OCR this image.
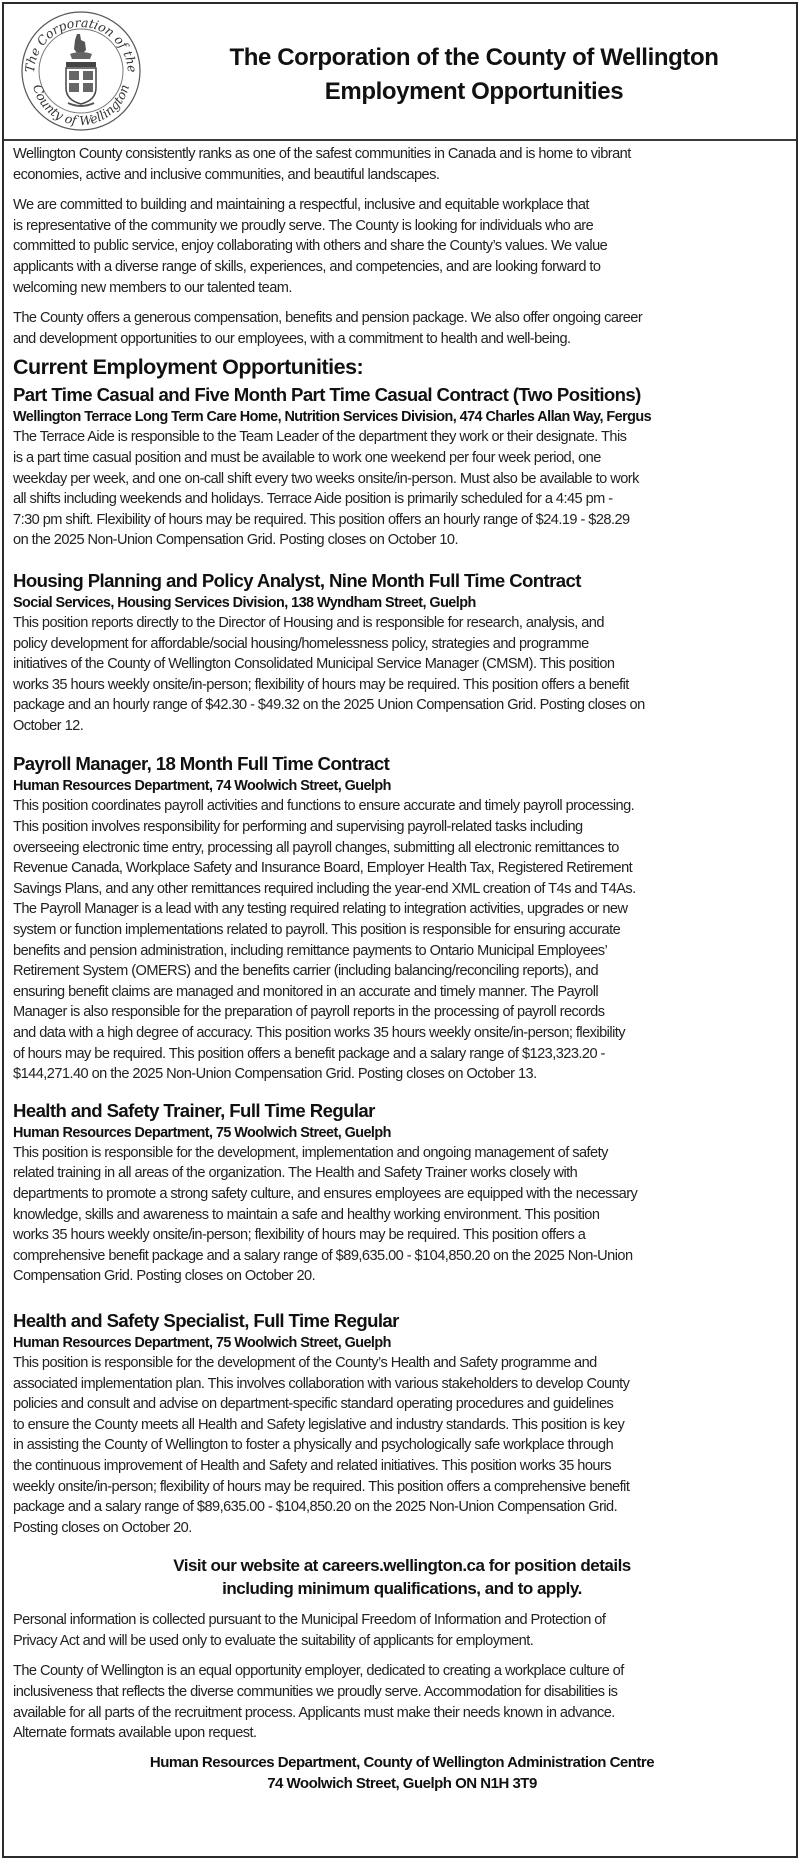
The Corporation of the
County of Wellington
The Corporation of the County of Wellington
Employment Opportunities
Wellington County consistently ranks as one of the safest communities in Canada and is home to vibrant
economies, active and inclusive communities, and beautiful landscapes.
We are committed to building and maintaining a respectful, inclusive and equitable workplace that
is representative of the community we proudly serve. The County is looking for individuals who are
committed to public service, enjoy collaborating with others and share the County’s values. We value
applicants with a diverse range of skills, experiences, and competencies, and are looking forward to
welcoming new members to our talented team.
The County offers a generous compensation, benefits and pension package. We also offer ongoing career
and development opportunities to our employees, with a commitment to health and well-being.
Current Employment Opportunities:
Part Time Casual and Five Month Part Time Casual Contract (Two Positions)
Wellington Terrace Long Term Care Home, Nutrition Services Division, 474 Charles Allan Way, Fergus
The Terrace Aide is responsible to the Team Leader of the department they work or their designate. This
is a part time casual position and must be available to work one weekend per four week period, one
weekday per week, and one on-call shift every two weeks onsite/in-person. Must also be available to work
all shifts including weekends and holidays. Terrace Aide position is primarily scheduled for a 4:45 pm -
7:30 pm shift. Flexibility of hours may be required. This position offers an hourly range of $24.19 - $28.29
on the 2025 Non-Union Compensation Grid. Posting closes on October 10.
Housing Planning and Policy Analyst, Nine Month Full Time Contract
Social Services, Housing Services Division, 138 Wyndham Street, Guelph
This position reports directly to the Director of Housing and is responsible for research, analysis, and
policy development for affordable/social housing/homelessness policy, strategies and programme
initiatives of the County of Wellington Consolidated Municipal Service Manager (CMSM). This position
works 35 hours weekly onsite/in-person; flexibility of hours may be required. This position offers a benefit
package and an hourly range of $42.30 - $49.32 on the 2025 Union Compensation Grid. Posting closes on
October 12.
Payroll Manager, 18 Month Full Time Contract
Human Resources Department, 74 Woolwich Street, Guelph
This position coordinates payroll activities and functions to ensure accurate and timely payroll processing.
This position involves responsibility for performing and supervising payroll-related tasks including
overseeing electronic time entry, processing all payroll changes, submitting all electronic remittances to
Revenue Canada, Workplace Safety and Insurance Board, Employer Health Tax, Registered Retirement
Savings Plans, and any other remittances required including the year-end XML creation of T4s and T4As.
The Payroll Manager is a lead with any testing required relating to integration activities, upgrades or new
system or function implementations related to payroll. This position is responsible for ensuring accurate
benefits and pension administration, including remittance payments to Ontario Municipal Employees’
Retirement System (OMERS) and the benefits carrier (including balancing/reconciling reports), and
ensuring benefit claims are managed and monitored in an accurate and timely manner. The Payroll
Manager is also responsible for the preparation of payroll reports in the processing of payroll records
and data with a high degree of accuracy. This position works 35 hours weekly onsite/in-person; flexibility
of hours may be required. This position offers a benefit package and a salary range of $123,323.20 -
$144,271.40 on the 2025 Non-Union Compensation Grid. Posting closes on October 13.
Health and Safety Trainer, Full Time Regular
Human Resources Department, 75 Woolwich Street, Guelph
This position is responsible for the development, implementation and ongoing management of safety
related training in all areas of the organization. The Health and Safety Trainer works closely with
departments to promote a strong safety culture, and ensures employees are equipped with the necessary
knowledge, skills and awareness to maintain a safe and healthy working environment. This position
works 35 hours weekly onsite/in-person; flexibility of hours may be required. This position offers a
comprehensive benefit package and a salary range of $89,635.00 - $104,850.20 on the 2025 Non-Union
Compensation Grid. Posting closes on October 20.
Health and Safety Specialist, Full Time Regular
Human Resources Department, 75 Woolwich Street, Guelph
This position is responsible for the development of the County’s Health and Safety programme and
associated implementation plan. This involves collaboration with various stakeholders to develop County
policies and consult and advise on department-specific standard operating procedures and guidelines
to ensure the County meets all Health and Safety legislative and industry standards. This position is key
in assisting the County of Wellington to foster a physically and psychologically safe workplace through
the continuous improvement of Health and Safety and related initiatives. This position works 35 hours
weekly onsite/in-person; flexibility of hours may be required. This position offers a comprehensive benefit
package and a salary range of $89,635.00 - $104,850.20 on the 2025 Non-Union Compensation Grid.
Posting closes on October 20.
Visit our website at careers.wellington.ca for position details
including minimum qualifications, and to apply.
Personal information is collected pursuant to the Municipal Freedom of Information and Protection of
Privacy Act and will be used only to evaluate the suitability of applicants for employment.
The County of Wellington is an equal opportunity employer, dedicated to creating a workplace culture of
inclusiveness that reflects the diverse communities we proudly serve. Accommodation for disabilities is
available for all parts of the recruitment process. Applicants must make their needs known in advance.
Alternate formats available upon request.
Human Resources Department, County of Wellington Administration Centre
74 Woolwich Street, Guelph ON N1H 3T9
